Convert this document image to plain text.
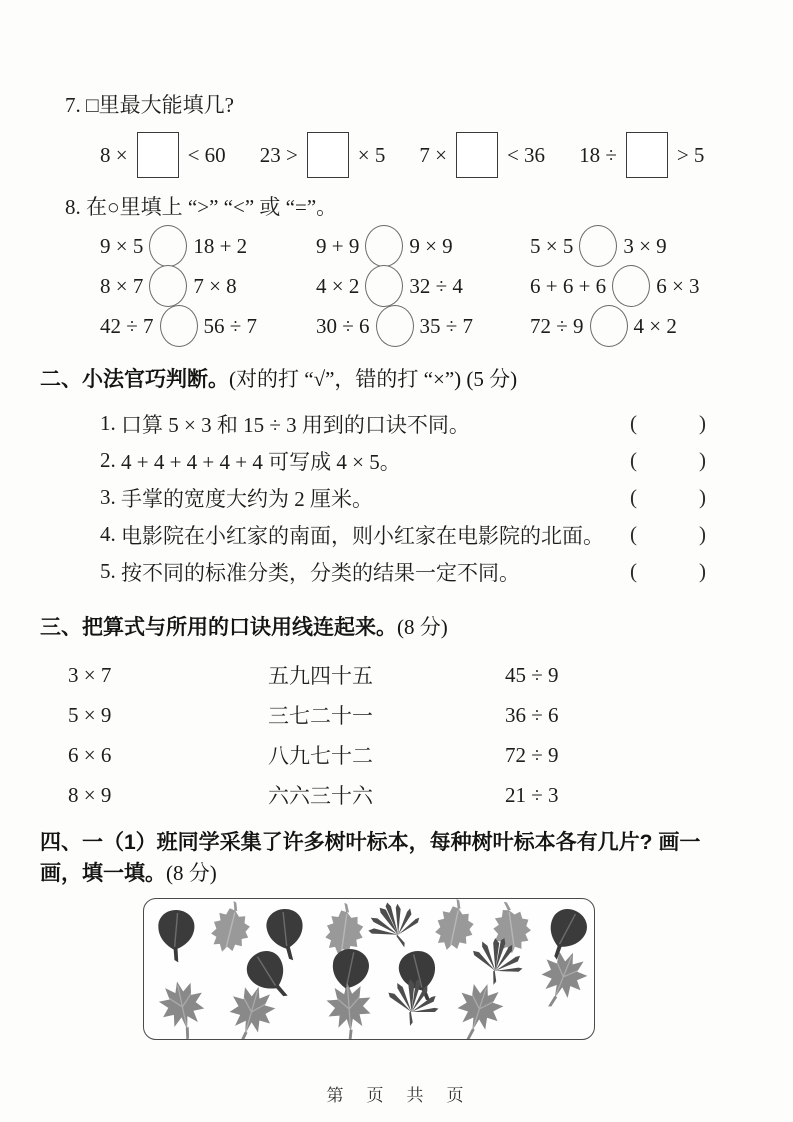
7. □里最大能填几?
8 ×	< 60 23 >	× 5 7 ×	< 36 18 ÷	> 5
8. 在○里填上 “>” “<” 或 “=”。
9 × 5 18 + 2	9 + 9 9 × 9	5 × 5 3 × 9
8 × 7 7 × 8	4 × 2 32 ÷ 4	6 + 6 + 6 6 × 3
42 ÷ 7 56 ÷ 7	30 ÷ 6 35 ÷ 7	72 ÷ 9 4 × 2
二、小法官巧判断。(对的打 “√”，错的打 “×”) (5 分)
1.
口算 5 × 3 和 15 ÷ 3 用到的口诀不同。	(	)
2.
4 + 4 + 4 + 4 + 4 可写成 4 × 5。	(	)
3.
手掌的宽度大约为 2 厘米。	(	)
4.
电影院在小红家的南面，则小红家在电影院的北面。 (	)
5.
按不同的标准分类，分类的结果一定不同。	(	)
三、把算式与所用的口诀用线连起来。(8 分)
3 × 7	五九四十五	45 ÷ 9
5 × 9	三七二十一	36 ÷ 6
6 × 6	八九七十二	72 ÷ 9
8 × 9	六六三十六	21 ÷ 3
四、一（1）班同学采集了许多树叶标本，每种树叶标本各有几片? 画一
画，填一填。(8 分)
第　页　共　页
